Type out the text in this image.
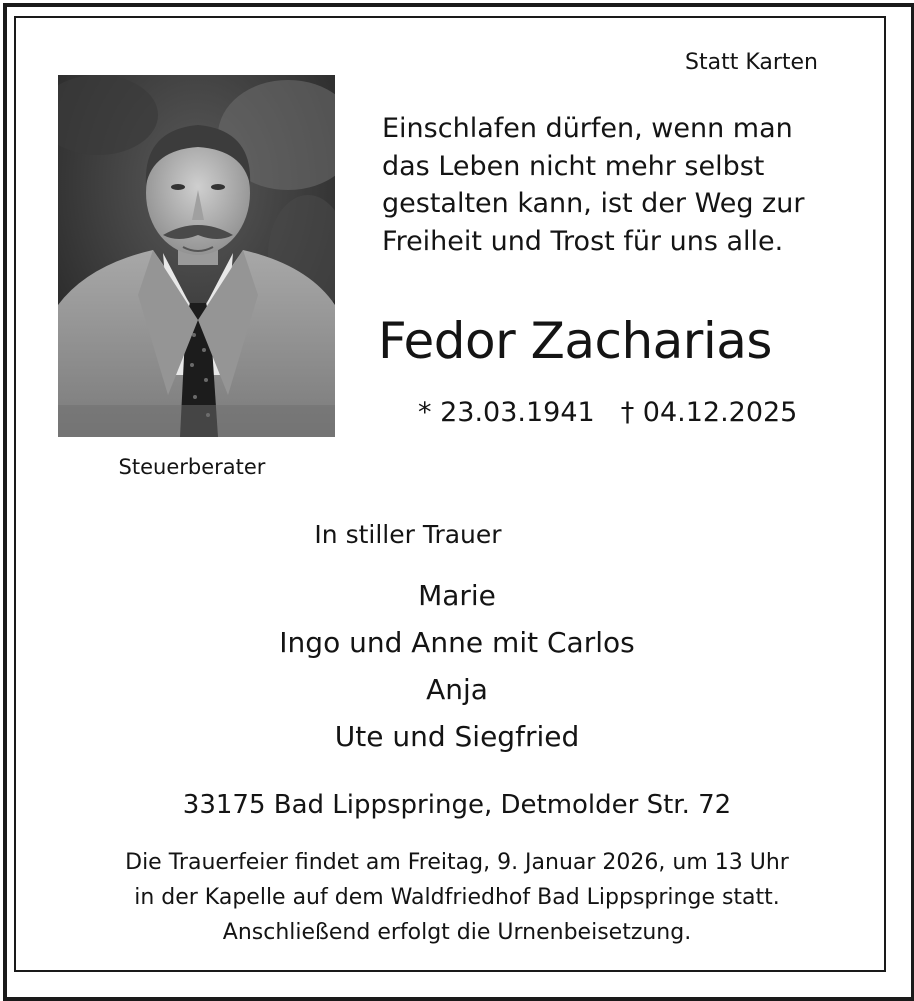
Statt Karten
Einschlafen dürfen, wenn man
das Leben nicht mehr selbst
gestalten kann, ist der Weg zur
Freiheit und Trost für uns alle.
Fedor Zacharias
* 23.03.1941 † 04.12.2025
Steuerberater
In stiller Trauer
Marie
Ingo und Anne mit Carlos
Anja
Ute und Siegfried
33175 Bad Lippspringe, Detmolder Str. 72
Die Trauerfeier findet am Freitag, 9. Januar 2026, um 13 Uhr
in der Kapelle auf dem Waldfriedhof Bad Lippspringe statt.
Anschließend erfolgt die Urnenbeisetzung.
